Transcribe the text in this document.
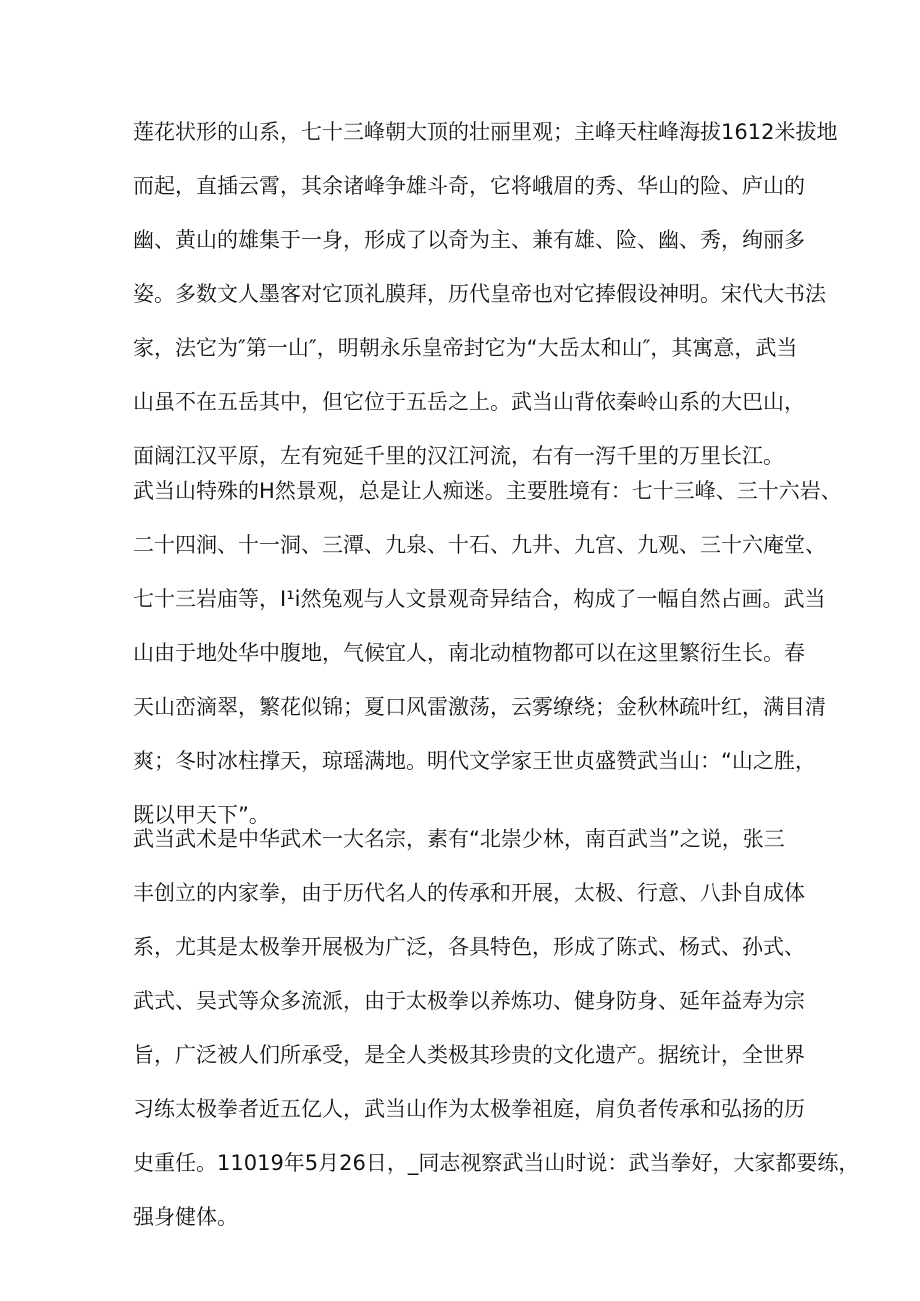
莲花状形的山系，七十三峰朝大顶的壮丽里观；主峰天柱峰海拔1612米拔地
而起，直插云霄，其余诸峰争雄斗奇，它将峨眉的秀、华山的险、庐山的
幽、黄山的雄集于一身，形成了以奇为主、兼有雄、险、幽、秀，绚丽多
姿。多数文人墨客对它顶礼膜拜，历代皇帝也对它捧假设神明。宋代大书法
家，法它为″第一山″，明朝永乐皇帝封它为“大岳太和山″，其寓意，武当
山虽不在五岳其中，但它位于五岳之上。武当山背依秦岭山系的大巴山，
面阔江汉平原，左有宛延千里的汉江河流，右有一泻千里的万里长江。
武当山特殊的H然景观，总是让人痴迷。主要胜境有：七十三峰、三十六岩、
二十四涧、十一洞、三潭、九泉、十石、九井、九宫、九观、三十六庵堂、
七十三岩庙等，I¹i然兔观与人文景观奇异结合，构成了一幅自然占画。武当
山由于地处华中腹地，气候宜人，南北动植物都可以在这里繁衍生长。春
天山峦滴翠，繁花似锦；夏口风雷激荡，云雾缭绕；金秋林疏叶红，满目清
爽；冬时冰柱撑天，琼瑶满地。明代文学家王世贞盛赞武当山：“山之胜，
既以甲天下”。
武当武术是中华武术一大名宗，素有“北崇少林，南百武当”之说，张三
丰创立的内家拳，由于历代名人的传承和开展，太极、行意、八卦自成体
系，尤其是太极拳开展极为广泛，各具特色，形成了陈式、杨式、孙式、
武式、吴式等众多流派，由于太极拳以养炼功、健身防身、延年益寿为宗
旨，广泛被人们所承受，是全人类极其珍贵的文化遗产。据统计，全世界
习练太极拳者近五亿人，武当山作为太极拳祖庭，肩负者传承和弘扬的历
史重任。11019年5月26日，_同志视察武当山时说：武当拳好，大家都要练，
强身健体。
